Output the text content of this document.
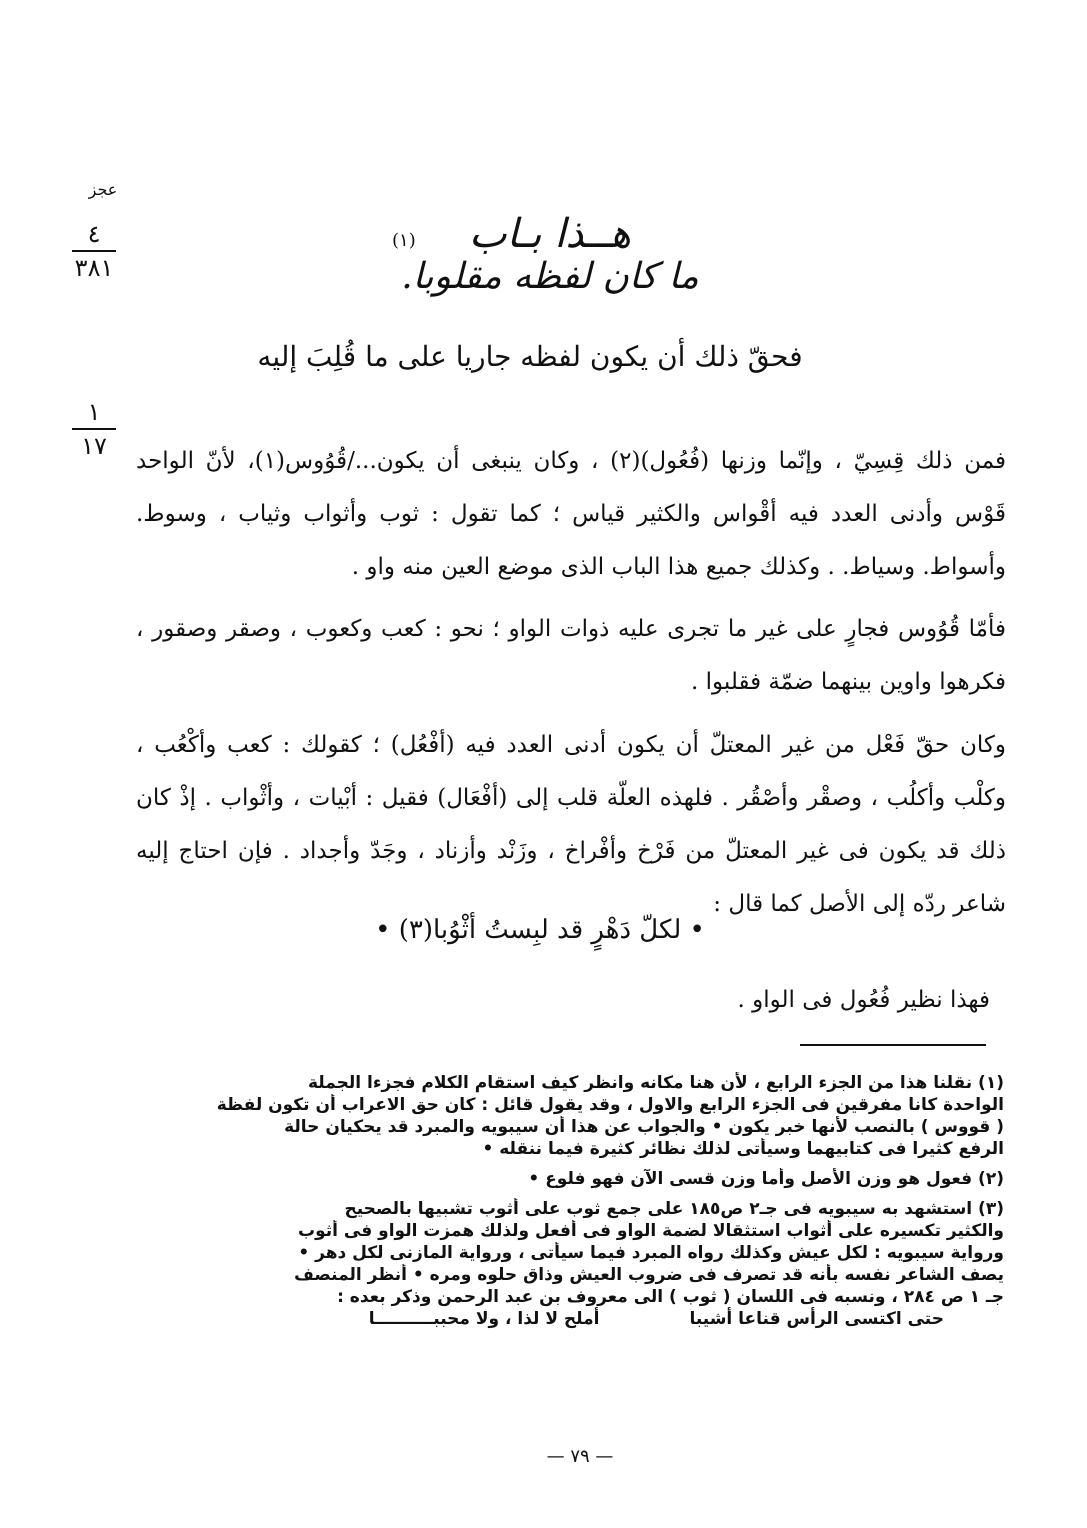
عجز
٤
٣٨١
١
١٧
هــذا بـاب
ما كان لفظه مقلوبا.
(١)
فحقّ ذلك أن يكون لفظه جاريا على ما قُلِبَ إليه

فمن ذلك قِسِيّ ، وإنّما وزنها (فُعُول)(٢) ، وكان ينبغى أن يكون.../قُوُوس(١)، لأنّ الواحد قَوْس وأدنى العدد فيه أقْواس والكثير قياس ؛ كما تقول : ثوب وأثواب وثياب ، وسوط. وأسواط. وسياط. . وكذلك جميع هذا الباب الذى موضع العين منه واو .

فأمّا قُوُوس فجارٍ على غير ما تجرى عليه ذوات الواو ؛ نحو : كعب وكعوب ، وصقر وصقور ، فكرهوا واوين بينهما ضمّة فقلبوا .

وكان حقّ فَعْل من غير المعتلّ أن يكون أدنى العدد فيه (أفْعُل) ؛ كقولك : كعب وأكْعُب ، وكلْب وأكلُب ، وصقْر وأصْقُر . فلهذه العلّة قلب إلى (أفْعَال) فقيل : أبْيات ، وأثْواب . إذْ كان ذلك قد يكون فى غير المعتلّ من فَرْخ وأفْراخ ، وزَنْد وأزناد ، وجَدّ وأجداد . فإن احتاج إليه شاعر ردّه إلى الأصل كما قال :

• لكلّ دَهْرٍ قد لبِستُ أثْوُبا(٣) •
فهذا نظير فُعُول فى الواو .
(١) نقلنا هذا من الجزء الرابع ، لأن هنا مكانه وانظر كيف استقام الكلام فجزءا الجملة
الواحدة كانا مفرقين فى الجزء الرابع والاول ، وقد يقول قائل : كان حق الاعراب أن تكون لفظة
( قووس ) بالنصب لأنها خبر يكون • والجواب عن هذا أن سيبويه والمبرد قد يحكيان حالة
الرفع كثيرا فى كتابيهما وسيأتى لذلك نظائر كثيرة فيما ننقله •
(٢) فعول هو وزن الأصل وأما وزن قسى الآن فهو فلوع •
(٣) استشهد به سيبويه فى جـ٢ ص١٨٥ على جمع ثوب على أثوب تشبيها بالصحيح
والكثير تكسيره على أثواب استثقالا لضمة الواو فى أفعل ولذلك همزت الواو فى أثوب
ورواية سيبويه : لكل عيش وكذلك رواه المبرد فيما سيأتى ، ورواية المازنى لكل دهر •
يصف الشاعر نفسه بأنه قد تصرف فى ضروب العيش وذاق حلوه ومره • أنظر المنصف
جـ ١ ص ٢٨٤ ، ونسبه فى اللسان ( ثوب ) الى معروف بن عبد الرحمن وذكر بعده :
حتى اكتسى الرأس قناعا أشيبا
أملح لا لذا ، ولا محببــــــــــا
— ٧٩ —
